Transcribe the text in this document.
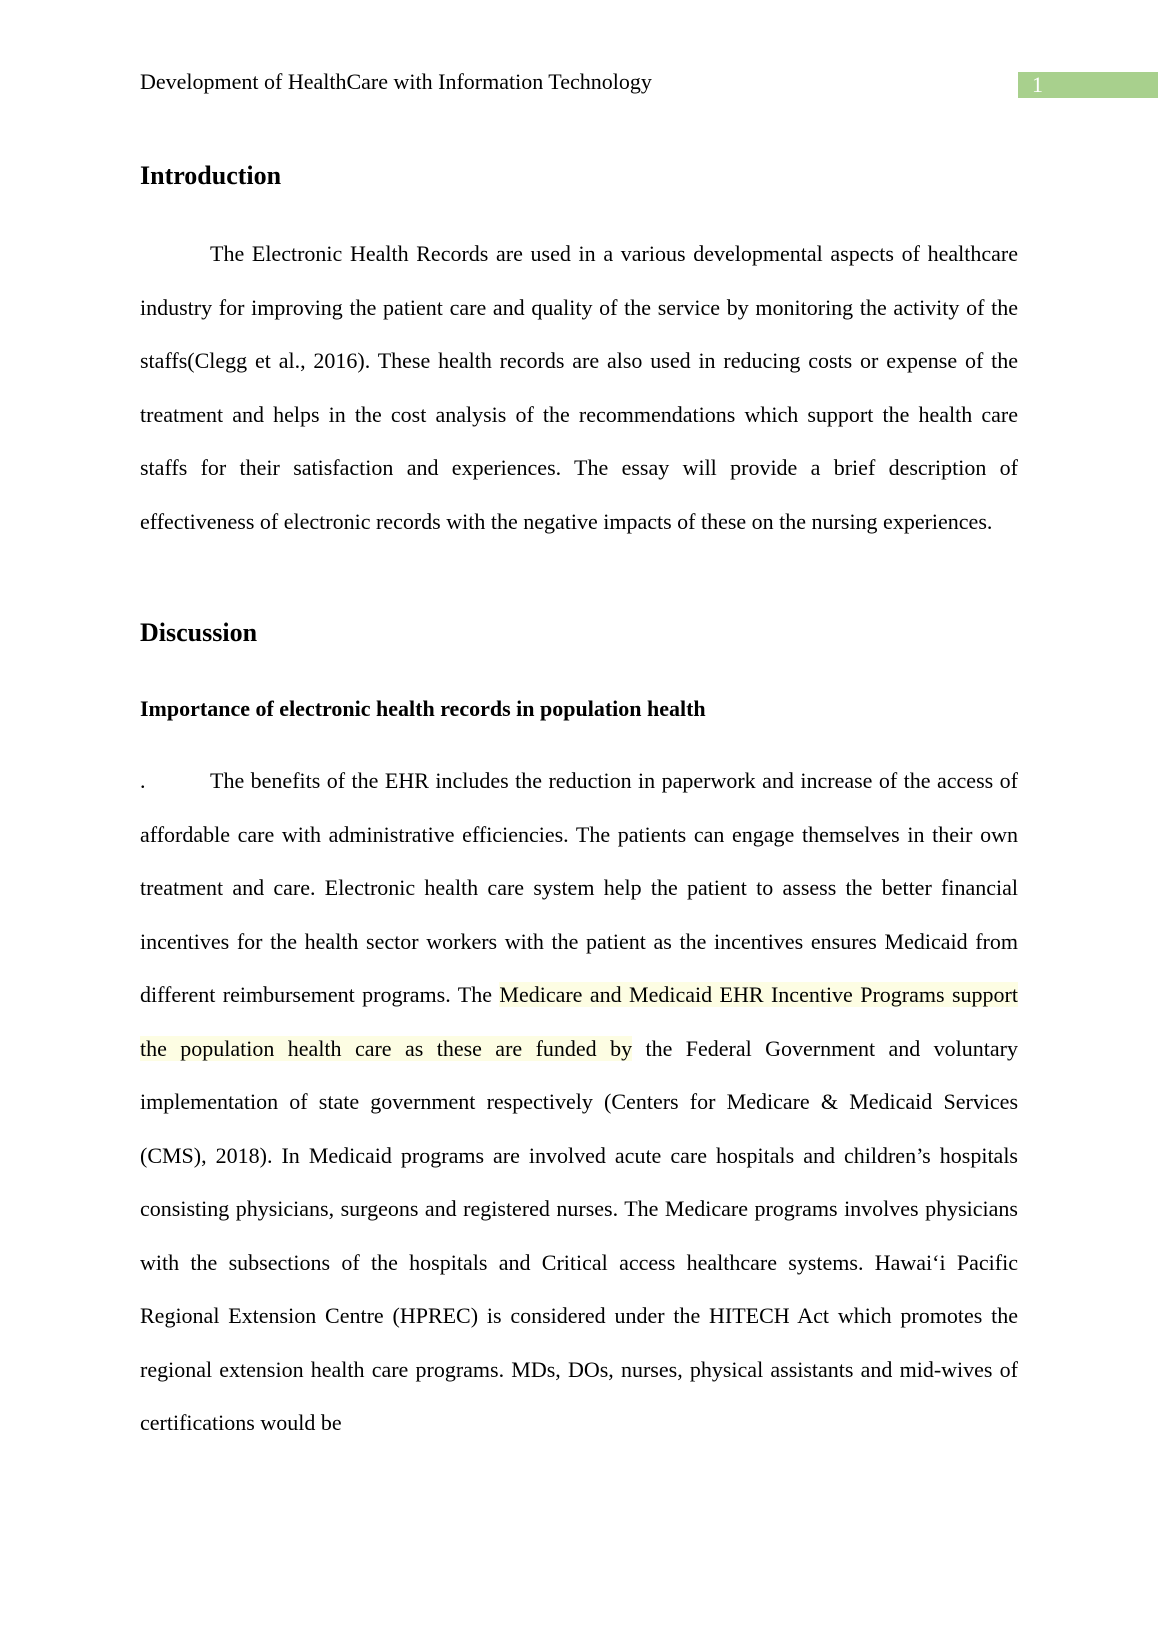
Development of HealthCare with Information Technology	1
Introduction

The Electronic Health Records are used in a various developmental aspects of healthcare industry for improving the patient care and quality of the service by monitoring the activity of the staffs(Clegg et al., 2016). These health records are also used in reducing costs or expense of the treatment and helps in the cost analysis of the recommendations which support the health care staffs for their satisfaction and experiences. The essay will provide a brief description of effectiveness of electronic records with the negative impacts of these on the nursing experiences.

Discussion
Importance of electronic health records in population health

.	The benefits of the EHR includes the reduction in paperwork and increase of the access of affordable care with administrative efficiencies. The patients can engage themselves in their own treatment and care. Electronic health care system help the patient to assess the better financial incentives for the health sector workers with the patient as the incentives ensures Medicaid from different reimbursement programs. The Medicare and Medicaid EHR Incentive Programs support the population health care as these are funded by the Federal Government and voluntary implementation of state government respectively (Centers for Medicare & Medicaid Services (CMS), 2018). In Medicaid programs are involved acute care hospitals and children’s hospitals consisting physicians, surgeons and registered nurses. The Medicare programs involves physicians with the subsections of the hospitals and Critical access healthcare systems. Hawai‘i Pacific Regional Extension Centre (HPREC) is considered under the HITECH Act which promotes the regional extension health care programs. MDs, DOs, nurses, physical assistants and mid-wives of certifications would be
